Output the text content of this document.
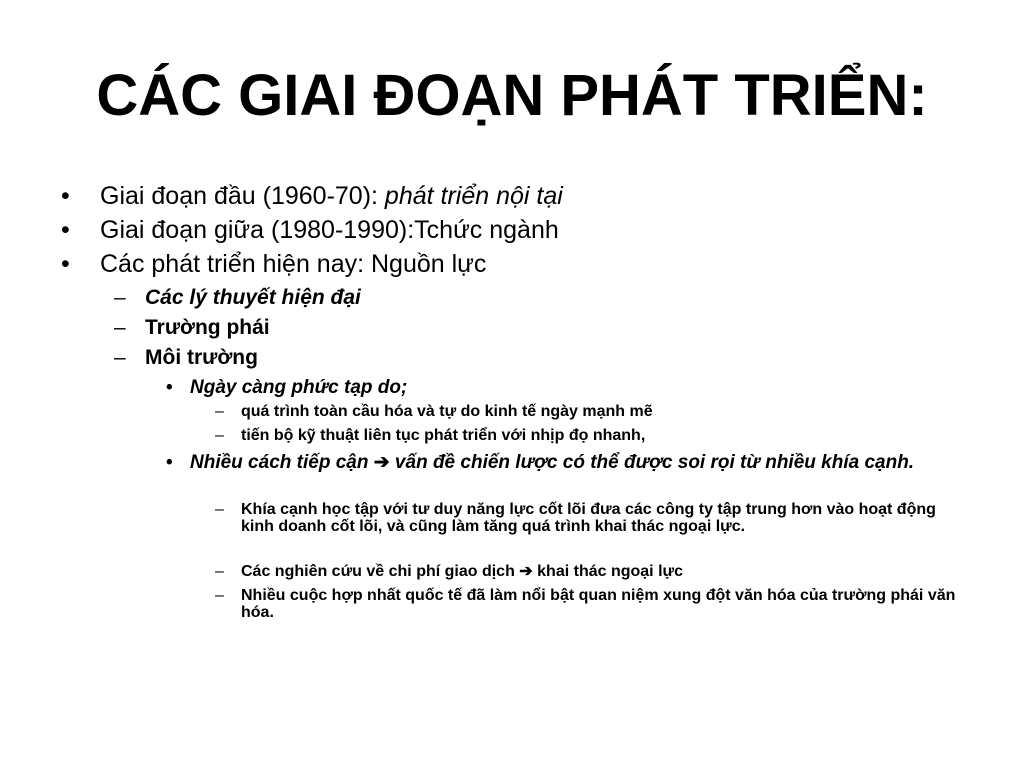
CÁC GIAI ĐOẠN PHÁT TRIỂN:
• Giai đoạn đầu (1960-70): phát triển nội tại
• Giai đoạn giữa (1980-1990):Tchức ngành
• Các phát triển hiện nay: Nguồn lực
– Các lý thuyết hiện đại
– Trường phái
– Môi trường
• Ngày càng phức tạp do;
– quá trình toàn cầu hóa và tự do kinh tế ngày mạnh mẽ
– tiến bộ kỹ thuật liên tục phát triển với nhịp đọ nhanh,
• Nhiều cách tiếp cận ➔ vấn đề chiến lược có thể được soi rọi từ nhiều khía cạnh.
– Khía cạnh học tập với tư duy năng lực cốt lõi đưa các công ty tập trung hơn vào hoạt động kinh doanh cốt lõi, và cũng làm tăng quá trình khai thác ngoại lực.
– Các nghiên cứu về chi phí giao dịch ➔ khai thác ngoại lực
– Nhiều cuộc hợp nhất quốc tế đã làm nổi bật quan niệm xung đột văn hóa của trường phái văn hóa.
